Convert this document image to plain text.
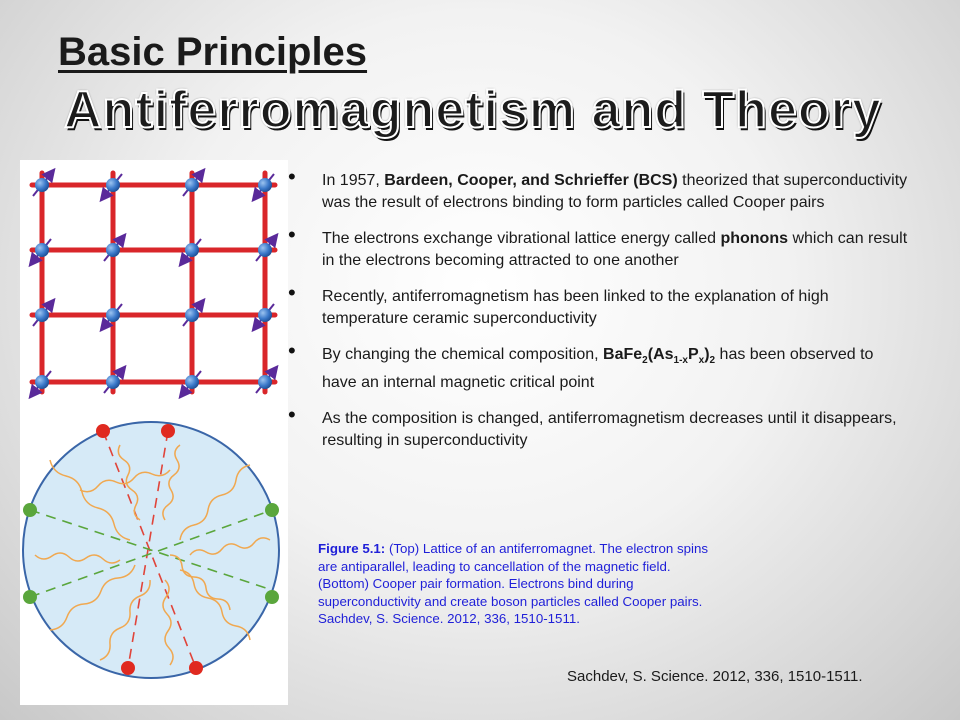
Basic Principles
Antiferromagnetism and Theory
• In 1957, Bardeen, Cooper, and Schrieffer (BCS) theorized that superconductivity was the result of electrons binding to form particles called Cooper pairs
• The electrons exchange vibrational lattice energy called phonons which can result in the electrons becoming attracted to one another
• Recently, antiferromagnetism has been linked to the explanation of high temperature ceramic superconductivity
• By changing the chemical composition, $BaFe_2(As_{1-x}P_x)_2$ has been observed to have an internal magnetic critical point
• As the composition is changed, antiferromagnetism decreases until it disappears, resulting in superconductivity
Figure 5.1: (Top) Lattice of an antiferromagnet. The electron spins are antiparallel, leading to cancellation of the magnetic field. (Bottom) Cooper pair formation. Electrons bind during superconductivity and create boson particles called Cooper pairs. Sachdev, S. Science. 2012, 336, 1510-1511.
Sachdev, S. Science. 2012, 336, 1510-1511.
